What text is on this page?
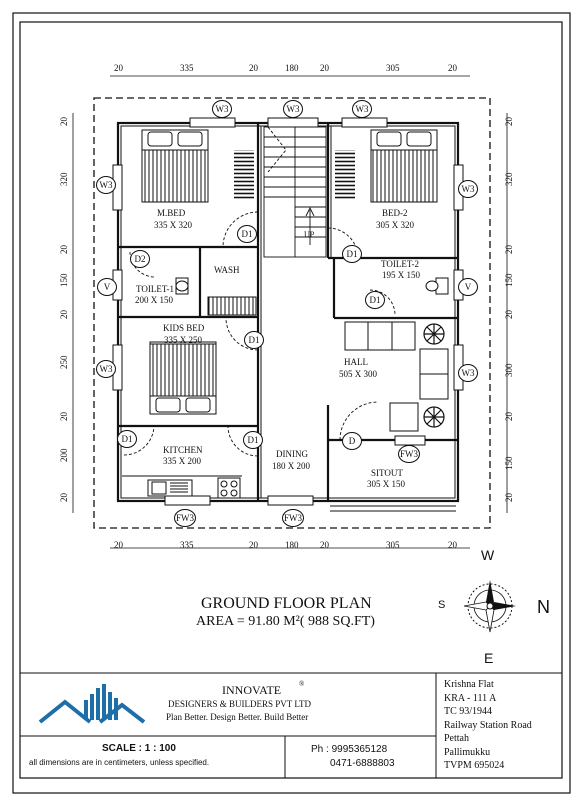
20	335	20	180 20	305	20
20	335	20	180 20	305	20
20
320
20
150
20
250
20
200
20
20
320
20
150
20
300
20
150
20
M.BED
335 X 320
BED-2
305 X 320
TOILET-1
200 X 150
TOILET-2
195 X 150
WASH
KIDS BED
335 X 250
HALL
505 X 300
KITCHEN
335 X 200
DINING
180 X 200
SITOUT
305 X 150
UP
W3	W3	W3
W3	W3
W3	W3
D1
D1
D2
D1
D1
D1	D1	D
V	V
FW3	FW3
FW3
GROUND FLOOR PLAN
AREA = 91.80 M²( 988 SQ.FT)
W
S	N
E
INNOVATE	®
DESIGNERS & BUILDERS PVT LTD
Plan Better. Design Better. Build Better
SCALE : 1 : 100
all dimensions are in centimeters, unless specified.
Ph : 9995365128
0471-6888803
Krishna Flat
KRA - 111 A
TC 93/1944
Railway Station Road
Pettah
Pallimukku
TVPM 695024
